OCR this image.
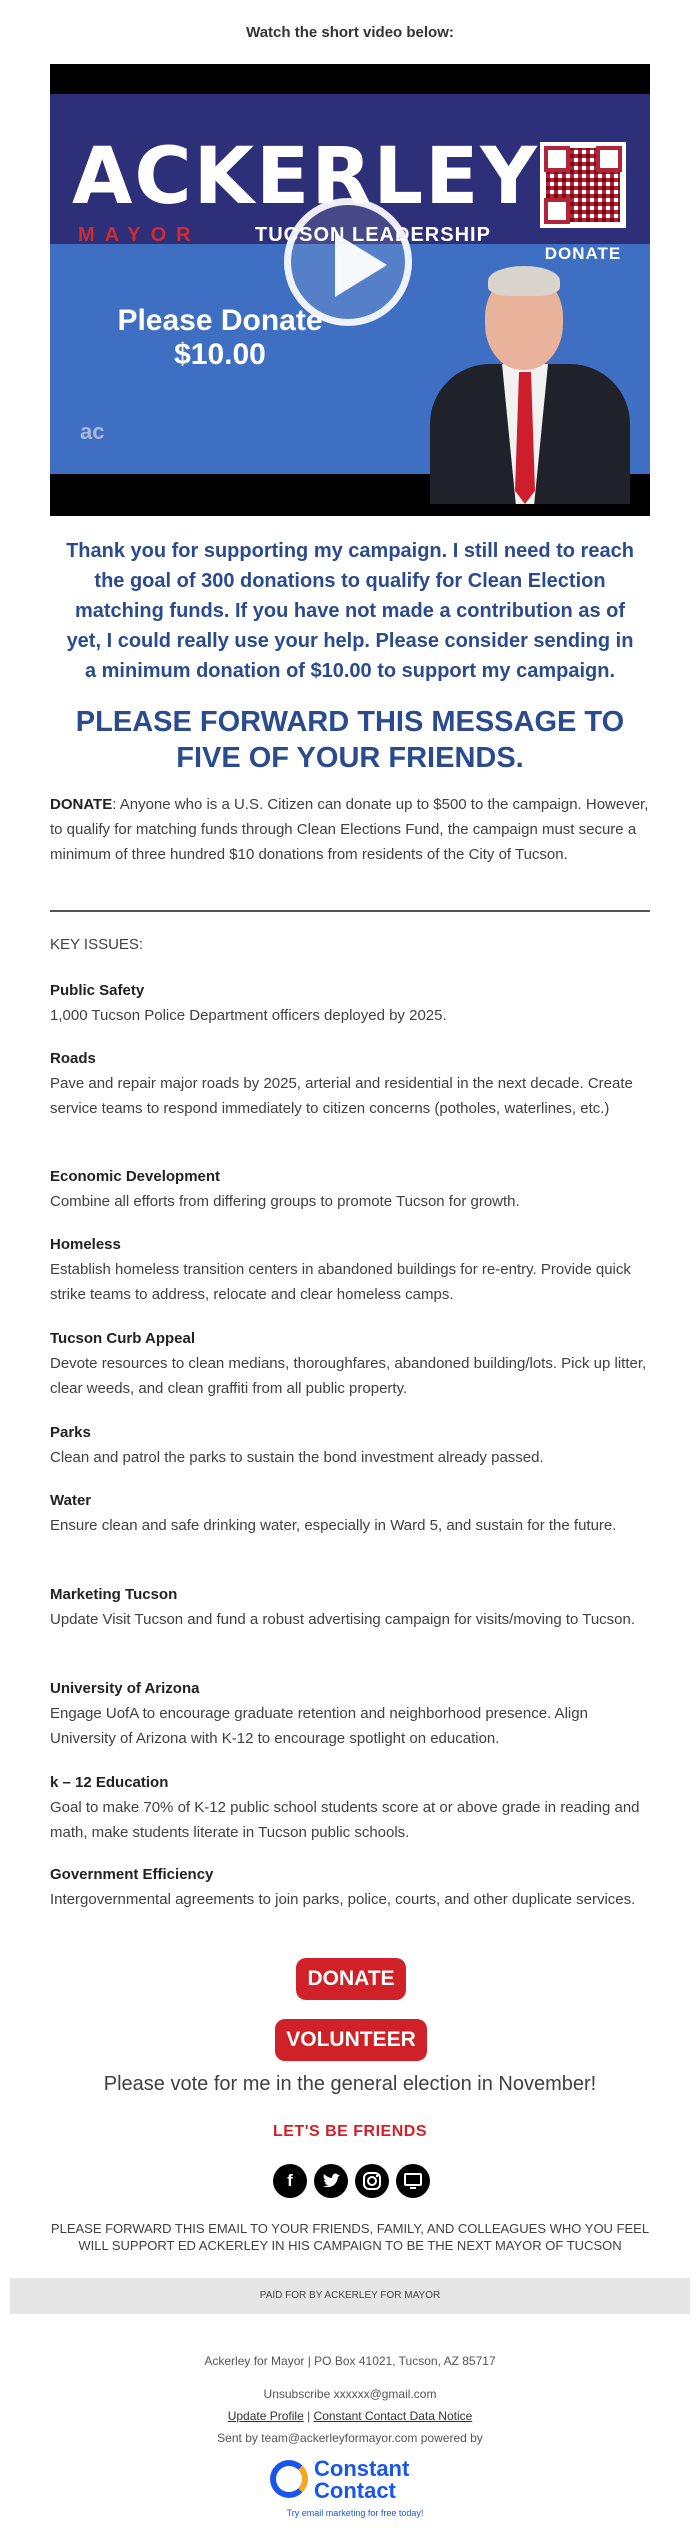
Watch the short video below:
ACKERLEY
MAYOR	TUCSON LEADERSHIP
DONATE
Please Donate
$10.00
ac
Thank you for supporting my campaign. I still need to reach the goal of 300 donations to qualify for Clean Election matching funds. If you have not made a contribution as of yet, I could really use your help. Please consider sending in a minimum donation of $10.00 to support my campaign.
PLEASE FORWARD THIS MESSAGE TO FIVE OF YOUR FRIENDS.
DONATE: Anyone who is a U.S. Citizen can donate up to $500 to the campaign. However, to qualify for matching funds through Clean Elections Fund, the campaign must secure a minimum of three hundred $10 donations from residents of the City of Tucson.
KEY ISSUES:
Public Safety

1,000 Tucson Police Department officers deployed by 2025.

Roads

Pave and repair major roads by 2025, arterial and residential in the next decade. Create service teams to respond immediately to citizen concerns (potholes, waterlines, etc.)

Economic Development

Combine all efforts from differing groups to promote Tucson for growth.

Homeless

Establish homeless transition centers in abandoned buildings for re-entry. Provide quick strike teams to address, relocate and clear homeless camps.

Tucson Curb Appeal

Devote resources to clean medians, thoroughfares, abandoned building/lots. Pick up litter, clear weeds, and clean graffiti from all public property.

Parks

Clean and patrol the parks to sustain the bond investment already passed.

Water

Ensure clean and safe drinking water, especially in Ward 5, and sustain for the future.

Marketing Tucson

Update Visit Tucson and fund a robust advertising campaign for visits/moving to Tucson.

University of Arizona

Engage UofA to encourage graduate retention and neighborhood presence. Align University of Arizona with K-12 to encourage spotlight on education.

k – 12 Education

Goal to make 70% of K-12 public school students score at or above grade in reading and math, make students literate in Tucson public schools.

Government Efficiency

Intergovernmental agreements to join parks, police, courts, and other duplicate services.

DONATE
VOLUNTEER
Please vote for me in the general election in November!
LET'S BE FRIENDS
f
PLEASE FORWARD THIS EMAIL TO YOUR FRIENDS, FAMILY, AND COLLEAGUES WHO YOU FEEL WILL SUPPORT ED ACKERLEY IN HIS CAMPAIGN TO BE THE NEXT MAYOR OF TUCSON
PAID FOR BY ACKERLEY FOR MAYOR
Ackerley for Mayor | PO Box 41021, Tucson, AZ 85717
Unsubscribe xxxxxx@gmail.com
Update Profile | Constant Contact Data Notice
Sent by team@ackerleyformayor.com powered by
Constant
Contact
Try email marketing for free today!
